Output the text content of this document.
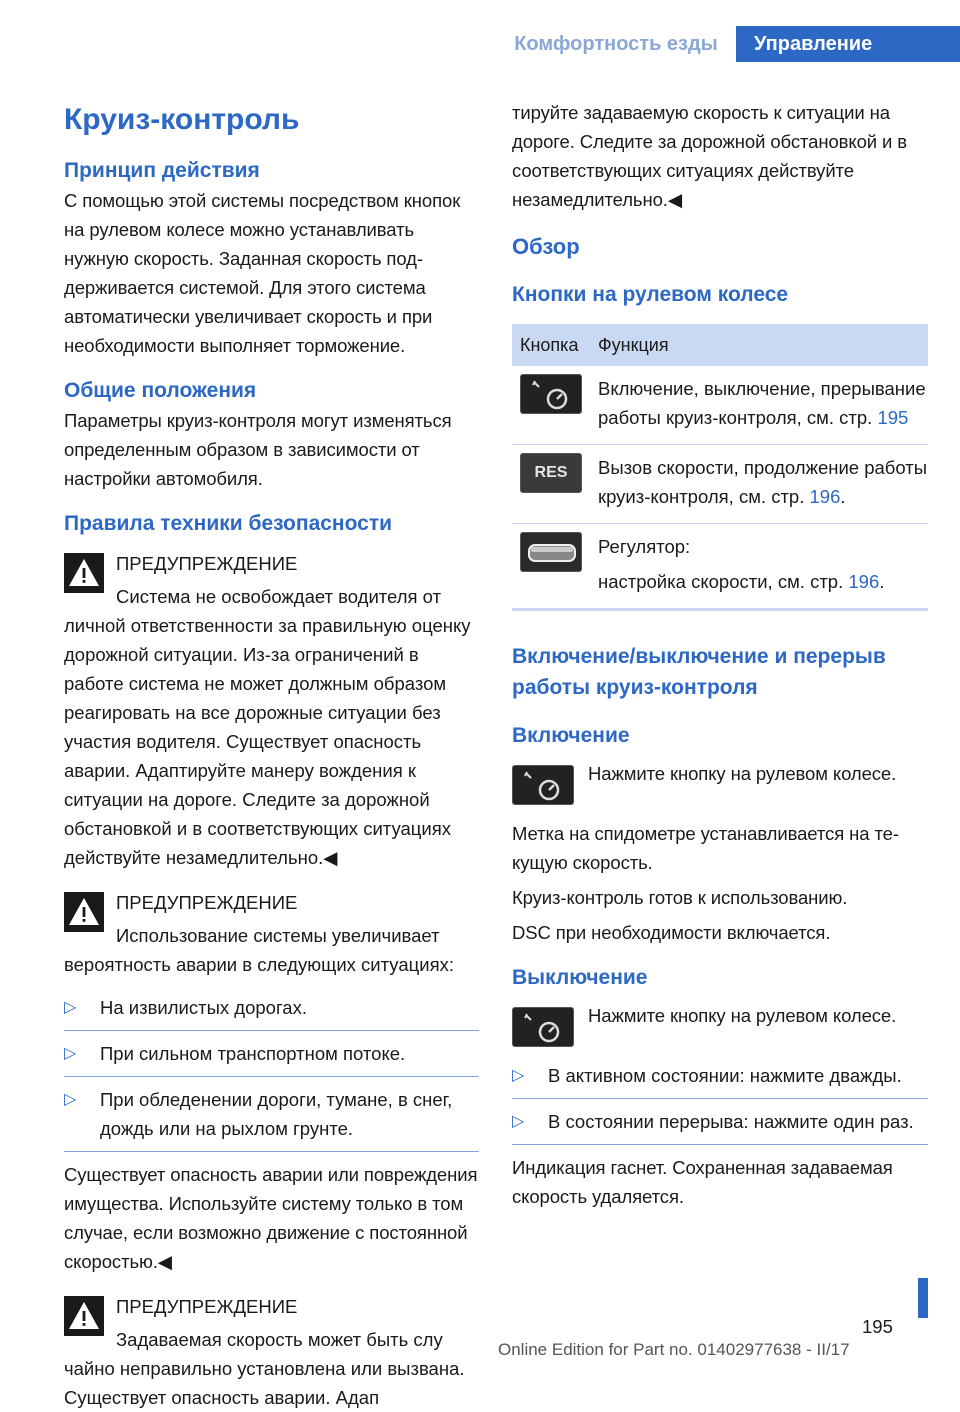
Комфортность езды	Управление
Круиз-контроль
Принцип действия
С помощью этой системы посредством кнопок на рулевом колесе можно устанавливать нужную скорость. Заданная скорость поддерживается системой. Для этого система автоматически увеличивает скорость и при необходимости выполняет торможение.
Общие положения
Параметры круиз-контроля могут изменяться определенным образом в зависимости от настройки автомобиля.
Правила техники безопасности
ПРЕДУПРЕЖДЕНИЕ
Система не освобождает водителя от
личной ответственности за правильную оценку дорожной ситуации. Из-за ограничений в работе система не может должным образом реагировать на все дорожные ситуации без участия водителя. Существует опасность аварии. Адаптируйте манеру вождения к ситуации на дороге. Следите за дорожной обстановкой и в соответствующих ситуациях действуйте незамедлительно.◀
ПРЕДУПРЕЖДЕНИЕ
Использование системы увеличивает
вероятность аварии в следующих ситуациях:
▷ На извилистых дорогах.
▷ При сильном транспортном потоке.
▷ При обледенении дороги, тумане, в снег, дождь или на рыхлом грунте.
Существует опасность аварии или повреждения имущества. Используйте систему только в том случае, если возможно движение с постоянной скоростью.◀
ПРЕДУПРЕЖДЕНИЕ
Задаваемая скорость может быть слу
чайно неправильно установлена или вызвана. Существует опасность аварии. Адап
тируйте задаваемую скорость к ситуации на дороге. Следите за дорожной обстановкой и в соответствующих ситуациях действуйте незамедлительно.◀
Обзор
Кнопки на рулевом колесе
Кнопка	Функция
Включение, выключение, прерывание работы круиз-контроля, см. стр. 195
RES	Вызов скорости, продолжение работы круиз-контроля, см. стр. 196.
Регулятор:
настройка скорости, см. стр. 196.
Включение/выключение и перерыв работы круиз-контроля
Включение
Нажмите кнопку на рулевом колесе.
Метка на спидометре устанавливается на текущую скорость.
Круиз-контроль готов к использованию.
DSC при необходимости включается.
Выключение
Нажмите кнопку на рулевом колесе.
▷ В активном состоянии: нажмите дважды.
▷ В состоянии перерыва: нажмите один раз.
Индикация гаснет. Сохраненная задаваемая скорость удаляется.
195
Online Edition for Part no. 01402977638 - II/17
